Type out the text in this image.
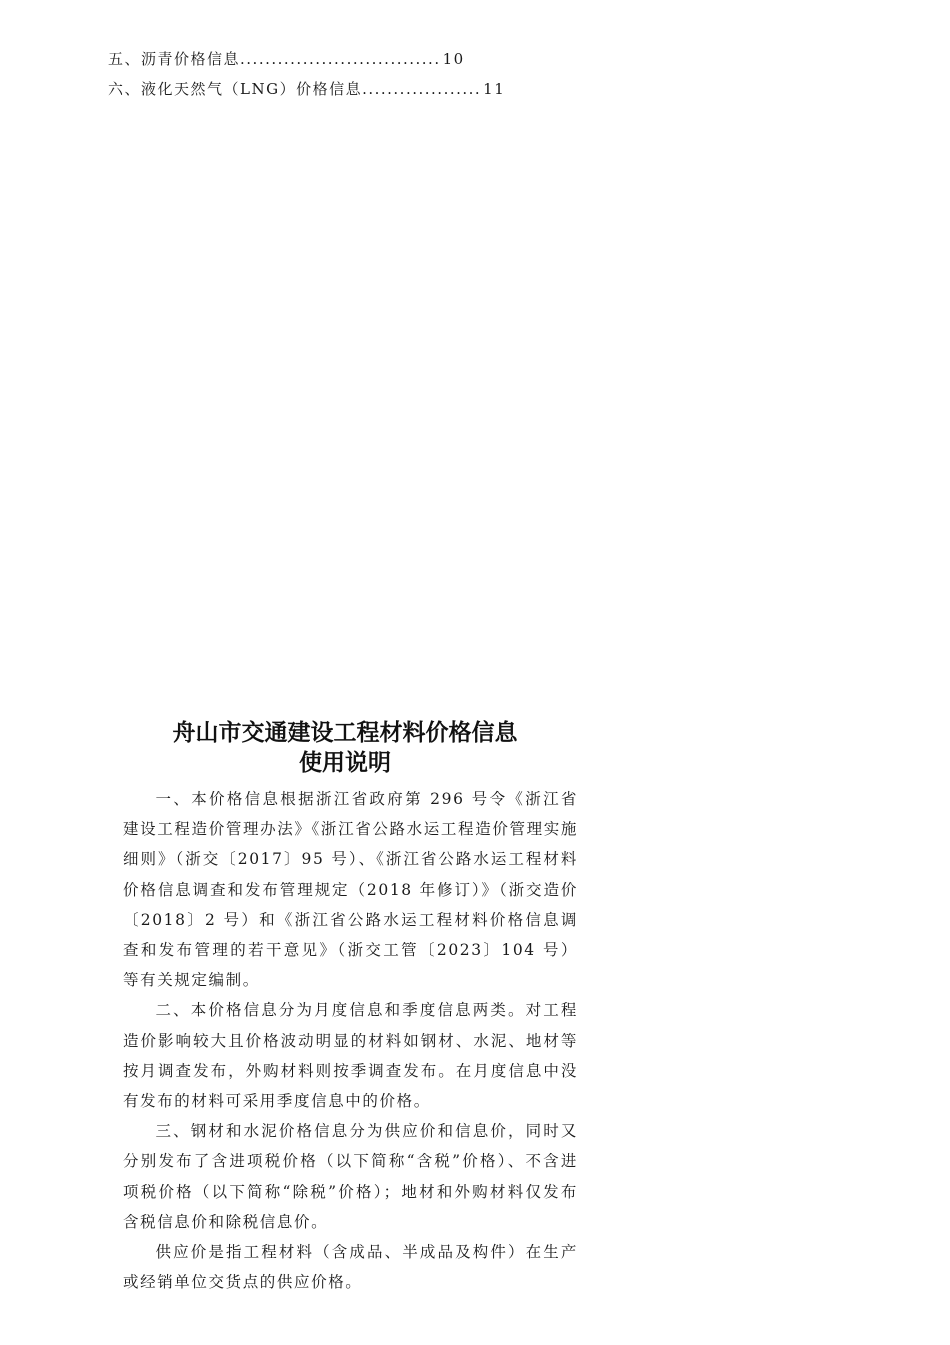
五、沥青价格信息 ................................ 10
六、液化天然气（LNG）价格信息 ................... 11
舟山市交通建设工程材料价格信息
使用说明

一、本价格信息根据浙江省政府第 296 号令《浙江省建设工程造价管理办法》《浙江省公路水运工程造价管理实施细则》（浙交〔2017〕95 号）、《浙江省公路水运工程材料价格信息调查和发布管理规定（2018 年修订）》（浙交造价〔2018〕2 号）和《浙江省公路水运工程材料价格信息调查和发布管理的若干意见》（浙交工管〔2023〕104 号）等有关规定编制。

二、本价格信息分为月度信息和季度信息两类。对工程造价影响较大且价格波动明显的材料如钢材、水泥、地材等按月调查发布，外购材料则按季调查发布。在月度信息中没有发布的材料可采用季度信息中的价格。

三、钢材和水泥价格信息分为供应价和信息价，同时又分别发布了含进项税价格（以下简称“含税”价格）、不含进项税价格（以下简称“除税”价格）；地材和外购材料仅发布含税信息价和除税信息价。

供应价是指工程材料（含成品、半成品及构件）在生产或经销单位交货点的供应价格。
